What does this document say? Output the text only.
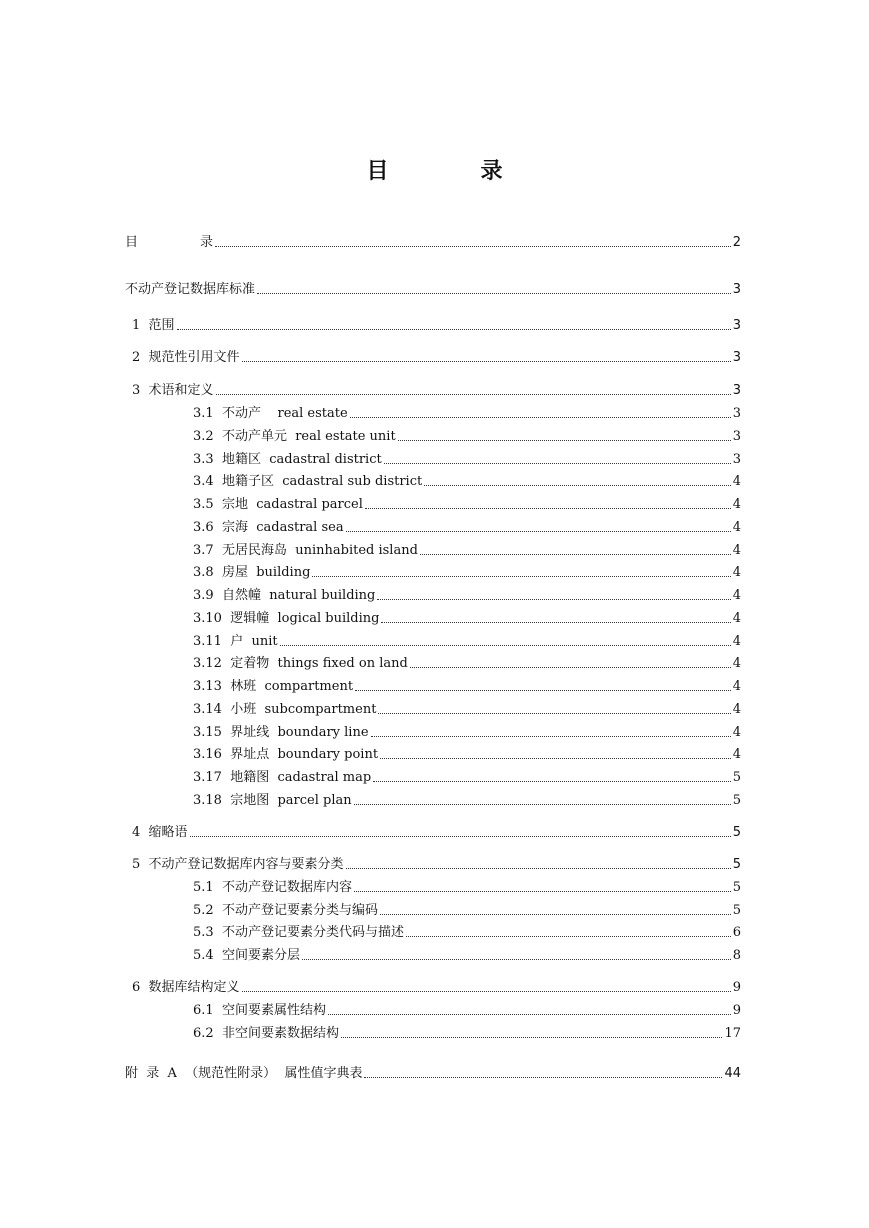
目	录
目	录	2
不动产登记数据库标准	3
1 范围	3
2 规范性引用文件	3
3 术语和定义	3
3.1 不动产    real estate	3
3.2 不动产单元  real estate unit	3
3.3 地籍区  cadastral district	3
3.4 地籍子区  cadastral sub district	4
3.5 宗地  cadastral parcel	4
3.6 宗海  cadastral sea	4
3.7 无居民海岛  uninhabited island	4
3.8 房屋  building	4
3.9 自然幢  natural building	4
3.10 逻辑幢  logical building	4
3.11 户  unit	4
3.12 定着物  things fixed on land	4
3.13 林班  compartment	4
3.14 小班  subcompartment	4
3.15 界址线  boundary line	4
3.16 界址点  boundary point	4
3.17 地籍图  cadastral map	5
3.18 宗地图  parcel plan	5
4 缩略语	5
5 不动产登记数据库内容与要素分类	5
5.1 不动产登记数据库内容	5
5.2 不动产登记要素分类与编码	5
5.3 不动产登记要素分类代码与描述	6
5.4 空间要素分层	8
6 数据库结构定义	9
6.1 空间要素属性结构	9
6.2 非空间要素数据结构	17
附  录  A  （规范性附录）  属性值字典表	44
